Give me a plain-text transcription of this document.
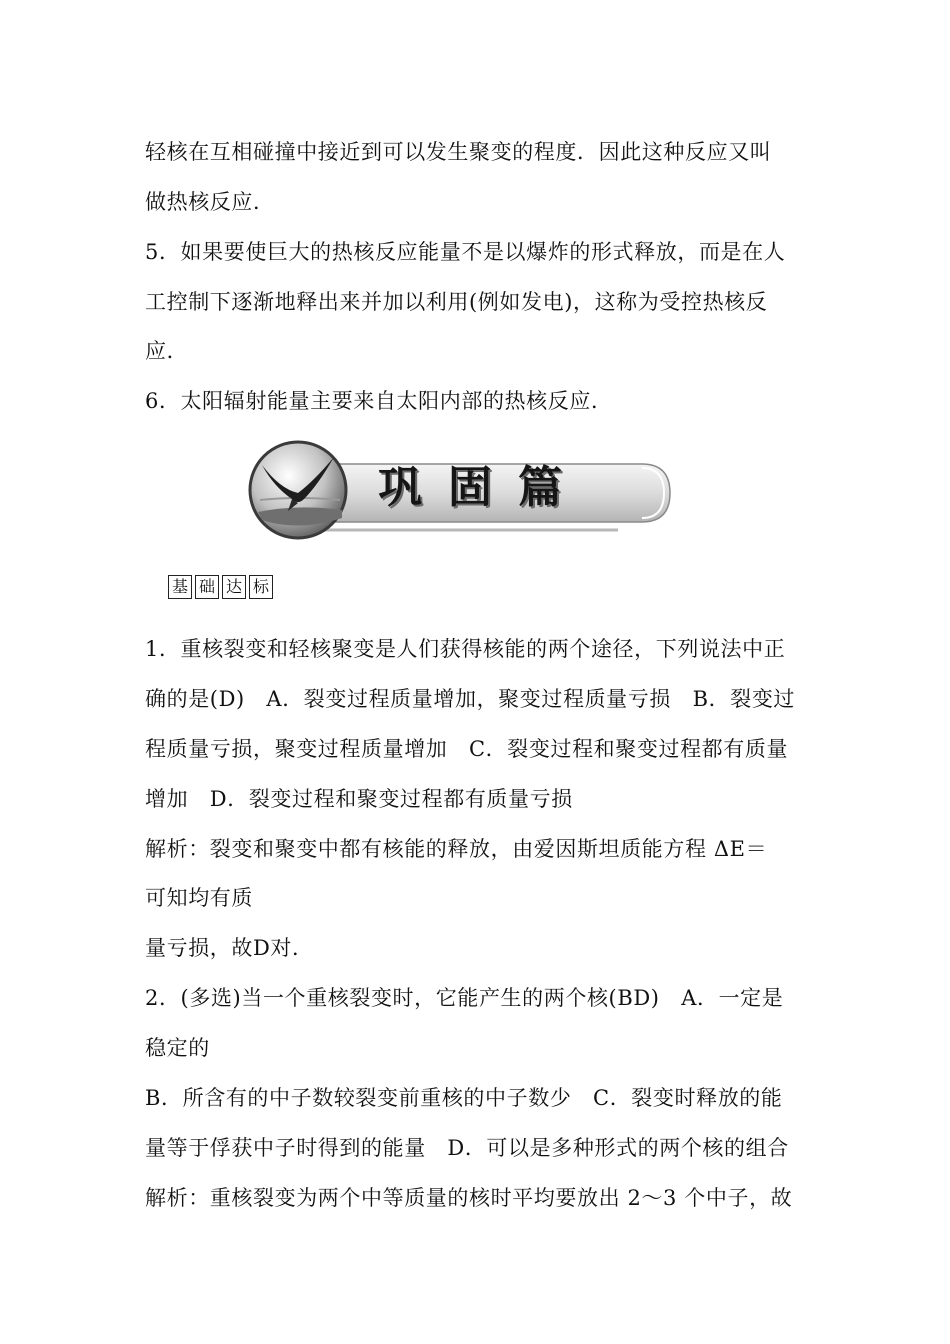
轻核在互相碰撞中接近到可以发生聚变的程度．因此这种反应又叫
做热核反应．
5．如果要使巨大的热核反应能量不是以爆炸的形式释放，而是在人
工控制下逐渐地释出来并加以利用(例如发电)，这称为受控热核反
应．
6．太阳辐射能量主要来自太阳内部的热核反应．
巩固篇
基 础 达 标
1．重核裂变和轻核聚变是人们获得核能的两个途径，下列说法中正
确的是(D)　A．裂变过程质量增加，聚变过程质量亏损　B．裂变过
程质量亏损，聚变过程质量增加　C．裂变过程和聚变过程都有质量
增加　D．裂变过程和聚变过程都有质量亏损
解析：裂变和聚变中都有核能的释放，由爱因斯坦质能方程 ΔE＝
可知均有质
量亏损，故D对．
2．(多选)当一个重核裂变时，它能产生的两个核(BD)　A．一定是
稳定的
B．所含有的中子数较裂变前重核的中子数少　C．裂变时释放的能
量等于俘获中子时得到的能量　D．可以是多种形式的两个核的组合
解析：重核裂变为两个中等质量的核时平均要放出 2～3 个中子，故
